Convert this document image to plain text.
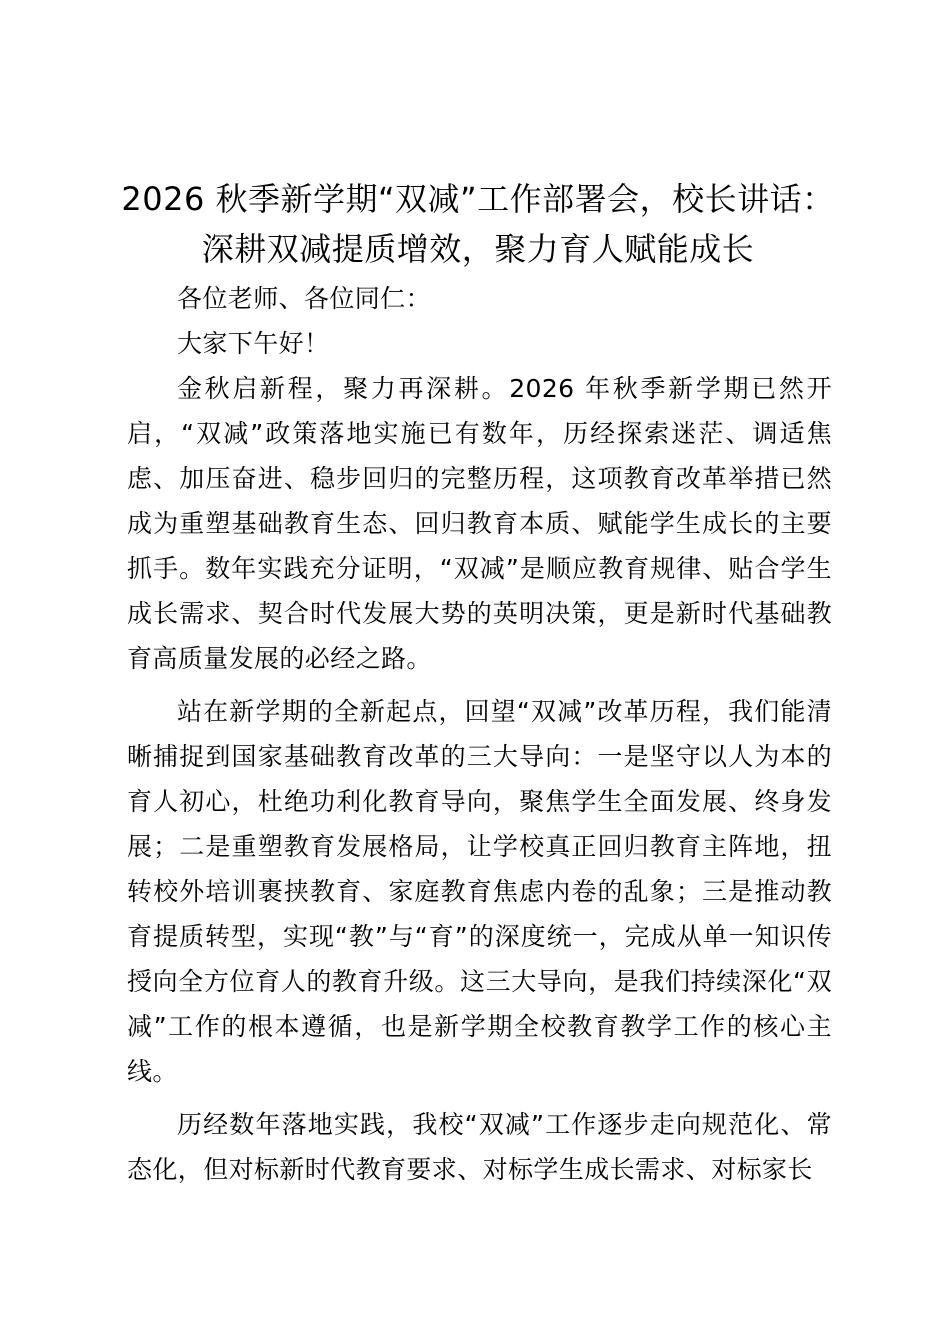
2026 秋季新学期“双减”工作部署会，校长讲话：深耕双减提质增效，聚力育人赋能成长

各位老师、各位同仁：

大家下午好！

金秋启新程，聚力再深耕。2026 年秋季新学期已然开启，“双减”政策落地实施已有数年，历经探索迷茫、调适焦虑、加压奋进、稳步回归的完整历程，这项教育改革举措已然成为重塑基础教育生态、回归教育本质、赋能学生成长的主要抓手。数年实践充分证明，“双减”是顺应教育规律、贴合学生成长需求、契合时代发展大势的英明决策，更是新时代基础教育高质量发展的必经之路。

站在新学期的全新起点，回望“双减”改革历程，我们能清晰捕捉到国家基础教育改革的三大导向：一是坚守以人为本的育人初心，杜绝功利化教育导向，聚焦学生全面发展、终身发展；二是重塑教育发展格局，让学校真正回归教育主阵地，扭转校外培训裹挟教育、家庭教育焦虑内卷的乱象；三是推动教育提质转型，实现“教”与“育”的深度统一，完成从单一知识传授向全方位育人的教育升级。这三大导向，是我们持续深化“双减”工作的根本遵循，也是新学期全校教育教学工作的核心主线。

历经数年落地实践，我校“双减”工作逐步走向规范化、常态化，但对标新时代教育要求、对标学生成长需求、对标家长
